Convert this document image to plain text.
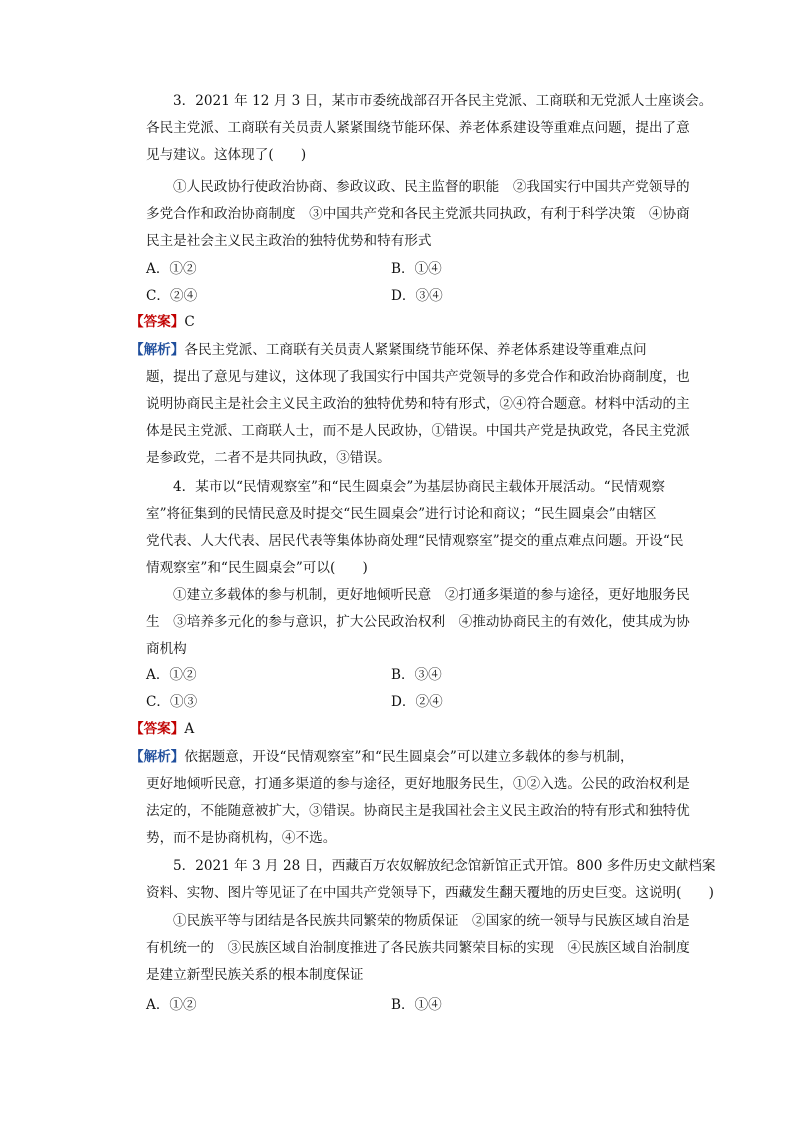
3．2021 年 12 月 3 日，某市市委统战部召开各民主党派、工商联和无党派人士座谈会。
各民主党派、工商联有关员责人紧紧围绕节能环保、养老体系建设等重难点问题，提出了意
见与建议。这体现了(　　)
①人民政协行使政治协商、参政议政、民主监督的职能　②我国实行中国共产党领导的
多党合作和政治协商制度　③中国共产党和各民主党派共同执政，有利于科学决策　④协商
民主是社会主义民主政治的独特优势和特有形式
A．①②	B．①④
C．②④	D．③④
【答案】C
【解析】各民主党派、工商联有关员责人紧紧围绕节能环保、养老体系建设等重难点问
题，提出了意见与建议，这体现了我国实行中国共产党领导的多党合作和政治协商制度，也
说明协商民主是社会主义民主政治的独特优势和特有形式，②④符合题意。材料中活动的主
体是民主党派、工商联人士，而不是人民政协，①错误。中国共产党是执政党，各民主党派
是参政党，二者不是共同执政，③错误。
4．某市以“民情观察室”和“民生圆桌会”为基层协商民主载体开展活动。“民情观察
室”将征集到的民情民意及时提交“民生圆桌会”进行讨论和商议；“民生圆桌会”由辖区
党代表、人大代表、居民代表等集体协商处理“民情观察室”提交的重点难点问题。开设“民
情观察室”和“民生圆桌会”可以(　　)
①建立多载体的参与机制，更好地倾听民意　②打通多渠道的参与途径，更好地服务民
生　③培养多元化的参与意识，扩大公民政治权利　④推动协商民主的有效化，使其成为协
商机构
A．①②	B．③④
C．①③	D．②④
【答案】A
【解析】依据题意，开设“民情观察室”和“民生圆桌会”可以建立多载体的参与机制，
更好地倾听民意，打通多渠道的参与途径，更好地服务民生，①②入选。公民的政治权利是
法定的，不能随意被扩大，③错误。协商民主是我国社会主义民主政治的特有形式和独特优
势，而不是协商机构，④不选。
5．2021 年 3 月 28 日，西藏百万农奴解放纪念馆新馆正式开馆。800 多件历史文献档案
资料、实物、图片等见证了在中国共产党领导下，西藏发生翻天覆地的历史巨变。这说明(　　)
①民族平等与团结是各民族共同繁荣的物质保证　②国家的统一领导与民族区域自治是
有机统一的　③民族区域自治制度推进了各民族共同繁荣目标的实现　④民族区域自治制度
是建立新型民族关系的根本制度保证
A．①②	B．①④
